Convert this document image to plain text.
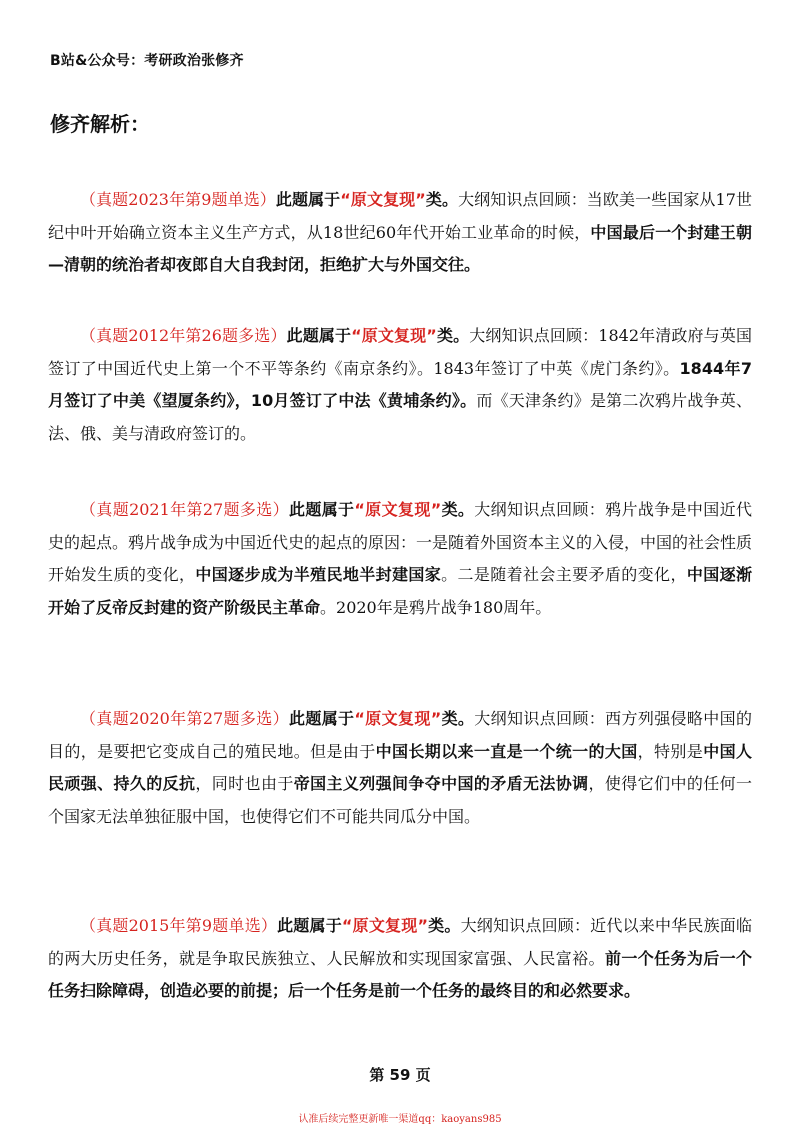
B站&公众号：考研政治张修齐
修齐解析：

（真题2023年第9题单选）此题属于“原文复现”类。大纲知识点回顾：当欧美一些国家从17世纪中叶开始确立资本主义生产方式，从18世纪60年代开始工业革命的时候，中国最后一个封建王朝—清朝的统治者却夜郎自大自我封闭，拒绝扩大与外国交往。

（真题2012年第26题多选）此题属于“原文复现”类。大纲知识点回顾：1842年清政府与英国签订了中国近代史上第一个不平等条约《南京条约》。1843年签订了中英《虎门条约》。1844年7月签订了中美《望厦条约》，10月签订了中法《黄埔条约》。而《天津条约》是第二次鸦片战争英、法、俄、美与清政府签订的。

（真题2021年第27题多选）此题属于“原文复现”类。大纲知识点回顾：鸦片战争是中国近代史的起点。鸦片战争成为中国近代史的起点的原因：一是随着外国资本主义的入侵，中国的社会性质开始发生质的变化，中国逐步成为半殖民地半封建国家。二是随着社会主要矛盾的变化，中国逐渐开始了反帝反封建的资产阶级民主革命。2020年是鸦片战争180周年。

（真题2020年第27题多选）此题属于“原文复现”类。大纲知识点回顾：西方列强侵略中国的目的，是要把它变成自己的殖民地。但是由于中国长期以来一直是一个统一的大国，特别是中国人民顽强、持久的反抗，同时也由于帝国主义列强间争夺中国的矛盾无法协调，使得它们中的任何一个国家无法单独征服中国，也使得它们不可能共同瓜分中国。

（真题2015年第9题单选）此题属于“原文复现”类。大纲知识点回顾：近代以来中华民族面临的两大历史任务，就是争取民族独立、人民解放和实现国家富强、人民富裕。前一个任务为后一个任务扫除障碍，创造必要的前提；后一个任务是前一个任务的最终目的和必然要求。

第 59 页
认准后续完整更新唯一渠道qq：kaoyans985
